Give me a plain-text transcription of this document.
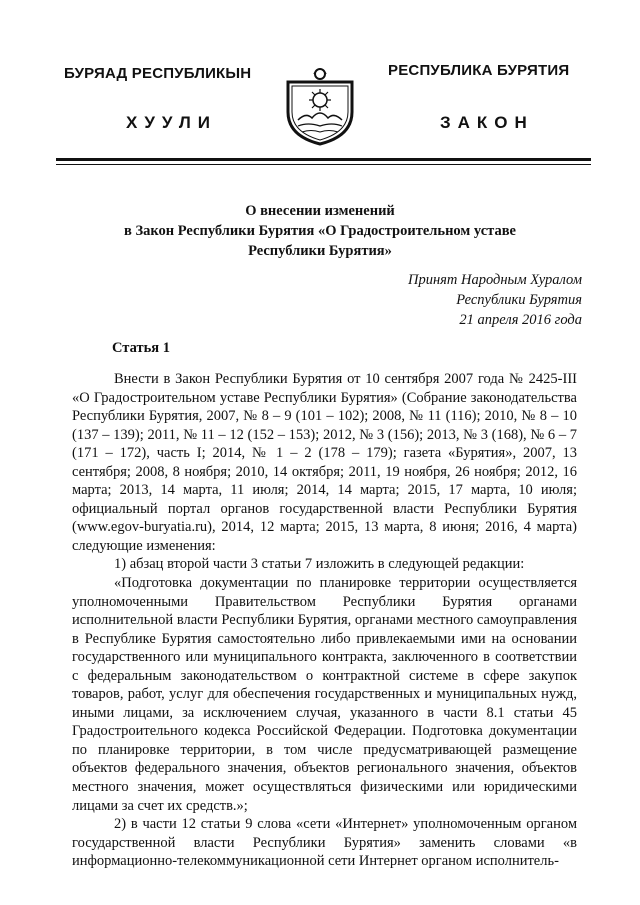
БУРЯАД РЕСПУБЛИКЫН	РЕСПУБЛИКА БУРЯТИЯ
ХУУЛИ	ЗАКОН
О внесении изменений
в Закон Республики Бурятия «О Градостроительном уставе
Республики Бурятия»
Принят Народным Хуралом
Республики Бурятия
21 апреля 2016 года
Статья 1

Внести в Закон Республики Бурятия от 10 сентября 2007 года № 2425-III «О Градостроительном уставе Республики Бурятия» (Собрание законодательства Республики Бурятия, 2007, № 8 – 9 (101 – 102); 2008, № 11 (116); 2010, № 8 – 10 (137 – 139); 2011, № 11 – 12 (152 – 153); 2012, № 3 (156); 2013, № 3 (168), № 6 – 7 (171 – 172), часть I; 2014, № 1 – 2 (178 – 179); газета «Бурятия», 2007, 13 сентября; 2008, 8 ноября; 2010, 14 октября; 2011, 19 ноября, 26 ноября; 2012, 16 марта; 2013, 14 марта, 11 июля; 2014, 14 марта; 2015, 17 марта, 10 июля; официальный портал органов государственной власти Республики Бурятия (www.egov-buryatia.ru), 2014, 12 марта; 2015, 13 марта, 8 июня; 2016, 4 марта) следующие изменения:

1) абзац второй части 3 статьи 7 изложить в следующей редакции:

«Подготовка документации по планировке территории осуществляется уполномоченными Правительством Республики Бурятия органами исполнительной власти Республики Бурятия, органами местного самоуправления в Республике Бурятия самостоятельно либо привлекаемыми ими на основании государственного или муниципального контракта, заключенного в соответствии с федеральным законодательством о контрактной системе в сфере закупок товаров, работ, услуг для обеспечения государственных и муниципальных нужд, иными лицами, за исключением случая, указанного в части 8.1 статьи 45 Градостроительного кодекса Российской Федерации. Подготовка документации по планировке территории, в том числе предусматривающей размещение объектов федерального значения, объектов регионального значения, объектов местного значения, может осуществляться физическими или юридическими лицами за счет их средств.»;

2) в части 12 статьи 9 слова «сети «Интернет» уполномоченным органом государственной власти Республики Бурятия» заменить словами «в информационно-телекоммуникационной сети Интернет органом исполнитель-
